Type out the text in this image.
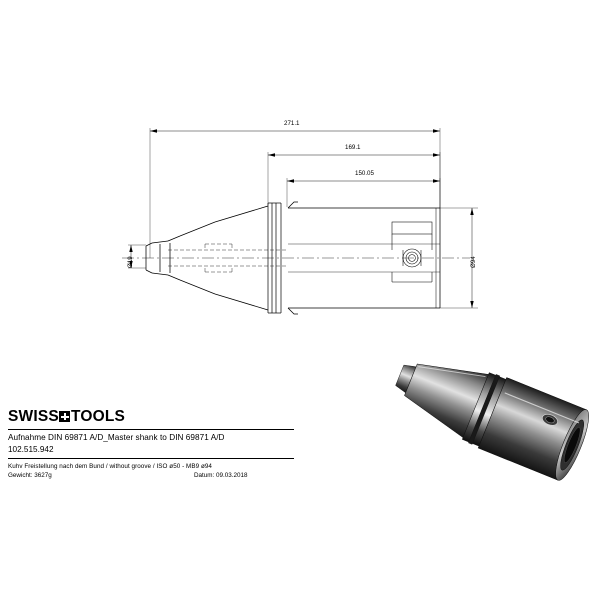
271.1
169.1
150.05
Ø94
Ø19
SWISS TOOLS
Aufnahme DIN 69871 A/D_Master shank to DIN 69871 A/D
102.515.942
Kuhv Freistellung nach dem Bund / without groove / ISO ø50 - MB9 ø94
Gewicht: 3627g	Datum: 09.03.2018
